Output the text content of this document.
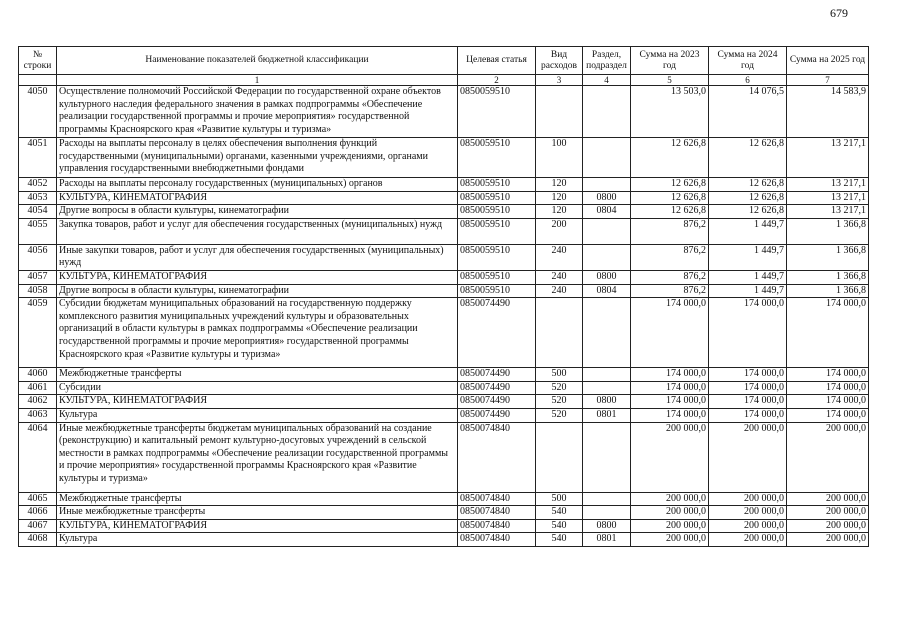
679
№ строки	Наименование показателей бюджетной классификации	Целевая статья	Вид расходов	Раздел, подраздел	Сумма на 2023 год	Сумма на 2024 год	Сумма на 2025 год
	1	2	3	4	5	6	7
4050	Осуществление полномочий Российской Федерации по государственной охране объектов культурного наследия федерального значения в рамках подпрограммы «Обеспечение реализации государственной программы и прочие мероприятия» государственной программы Красноярского края «Развитие культуры и туризма»	0850059510			13 503,0	14 076,5	14 583,9
4051	Расходы на выплаты персоналу в целях обеспечения выполнения функций государственными (муниципальными) органами, казенными учреждениями, органами управления государственными внебюджетными фондами	0850059510	100		12 626,8	12 626,8	13 217,1
4052	Расходы на выплаты персоналу государственных (муниципальных) органов	0850059510	120		12 626,8	12 626,8	13 217,1
4053	КУЛЬТУРА, КИНЕМАТОГРАФИЯ	0850059510	120	0800	12 626,8	12 626,8	13 217,1
4054	Другие вопросы в области культуры, кинематографии	0850059510	120	0804	12 626,8	12 626,8	13 217,1
4055	Закупка товаров, работ и услуг для обеспечения государственных (муниципальных) нужд	0850059510	200		876,2	1 449,7	1 366,8
4056	Иные закупки товаров, работ и услуг для обеспечения государственных (муниципальных) нужд	0850059510	240		876,2	1 449,7	1 366,8
4057	КУЛЬТУРА, КИНЕМАТОГРАФИЯ	0850059510	240	0800	876,2	1 449,7	1 366,8
4058	Другие вопросы в области культуры, кинематографии	0850059510	240	0804	876,2	1 449,7	1 366,8
4059	Субсидии бюджетам муниципальных образований на государственную поддержку комплексного развития муниципальных учреждений культуры и образовательных организаций в области культуры в рамках подпрограммы «Обеспечение реализации государственной программы и прочие мероприятия» государственной программы Красноярского края «Развитие культуры и туризма»	0850074490			174 000,0	174 000,0	174 000,0
4060	Межбюджетные трансферты	0850074490	500		174 000,0	174 000,0	174 000,0
4061	Субсидии	0850074490	520		174 000,0	174 000,0	174 000,0
4062	КУЛЬТУРА, КИНЕМАТОГРАФИЯ	0850074490	520	0800	174 000,0	174 000,0	174 000,0
4063	Культура	0850074490	520	0801	174 000,0	174 000,0	174 000,0
4064	Иные межбюджетные трансферты бюджетам муниципальных образований на создание (реконструкцию) и капитальный ремонт культурно-досуговых учреждений в сельской местности в рамках подпрограммы «Обеспечение реализации государственной программы и прочие мероприятия» государственной программы Красноярского края «Развитие культуры и туризма»	0850074840			200 000,0	200 000,0	200 000,0
4065	Межбюджетные трансферты	0850074840	500		200 000,0	200 000,0	200 000,0
4066	Иные межбюджетные трансферты	0850074840	540		200 000,0	200 000,0	200 000,0
4067	КУЛЬТУРА, КИНЕМАТОГРАФИЯ	0850074840	540	0800	200 000,0	200 000,0	200 000,0
4068	Культура	0850074840	540	0801	200 000,0	200 000,0	200 000,0
